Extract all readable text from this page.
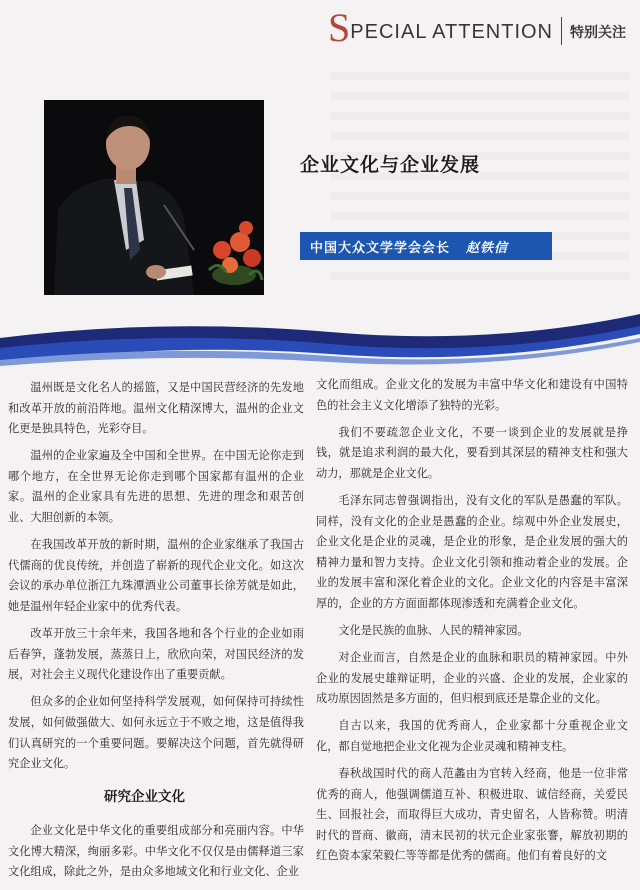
S PECIAL ATTENTION 特别关注
企业文化与企业发展
中国大众文学学会会长 赵铁信

温州既是文化名人的摇篮，又是中国民营经济的先发地和改革开放的前沿阵地。温州文化精深博大，温州的企业文化更是独具特色，光彩夺目。

温州的企业家遍及全中国和全世界。在中国无论你走到哪个地方，在全世界无论你走到哪个国家都有温州的企业家。温州的企业家具有先进的思想、先进的理念和艰苦创业、大胆创新的本领。

在我国改革开放的新时期，温州的企业家继承了我国古代儒商的优良传统，并创造了崭新的现代企业文化。如这次会议的承办单位浙江九珠潭酒业公司董事长徐芳就是如此，她是温州年轻企业家中的优秀代表。

改革开放三十余年来，我国各地和各个行业的企业如雨后春笋，蓬勃发展，蒸蒸日上，欣欣向荣，对国民经济的发展，对社会主义现代化建设作出了重要贡献。

但众多的企业如何坚持科学发展观，如何保持可持续性发展，如何做强做大、如何永远立于不败之地，这是值得我们认真研究的一个重要问题。要解决这个问题，首先就得研究企业文化。

研究企业文化

企业文化是中华文化的重要组成部分和亮丽内容。中华文化博大精深，绚丽多彩。中华文化不仅仅是由儒释道三家文化组成，除此之外，是由众多地域文化和行业文化、企业

文化而组成。企业文化的发展为丰富中华文化和建设有中国特色的社会主义文化增添了独特的光彩。

我们不要疏忽企业文化，不要一谈到企业的发展就是挣钱，就是追求利润的最大化，要看到其深层的精神支柱和强大动力，那就是企业文化。

毛泽东同志曾强调指出，没有文化的军队是愚蠢的军队。同样，没有文化的企业是愚蠢的企业。综观中外企业发展史，企业文化是企业的灵魂，是企业的形象，是企业发展的强大的精神力量和智力支持。企业文化引领和推动着企业的发展。企业的发展丰富和深化着企业的文化。企业文化的内容是丰富深厚的，企业的方方面面都体现渗透和充满着企业文化。

文化是民族的血脉、人民的精神家园。

对企业而言，自然是企业的血脉和职员的精神家园。中外企业的发展史雄辩证明，企业的兴盛、企业的发展，企业家的成功原因固然是多方面的，但归根到底还是靠企业的文化。

自古以来，我国的优秀商人，企业家都十分重视企业文化，都自觉地把企业文化视为企业灵魂和精神支柱。

春秋战国时代的商人范蠡由为官转入经商，他是一位非常优秀的商人，他强调儒道互补、积极进取、诚信经商，关爱民生、回报社会，而取得巨大成功，青史留名，人皆称赞。明清时代的晋商、徽商，清末民初的状元企业家张謇，解放初期的红色资本家荣毅仁等等都是优秀的儒商。他们有着良好的文
